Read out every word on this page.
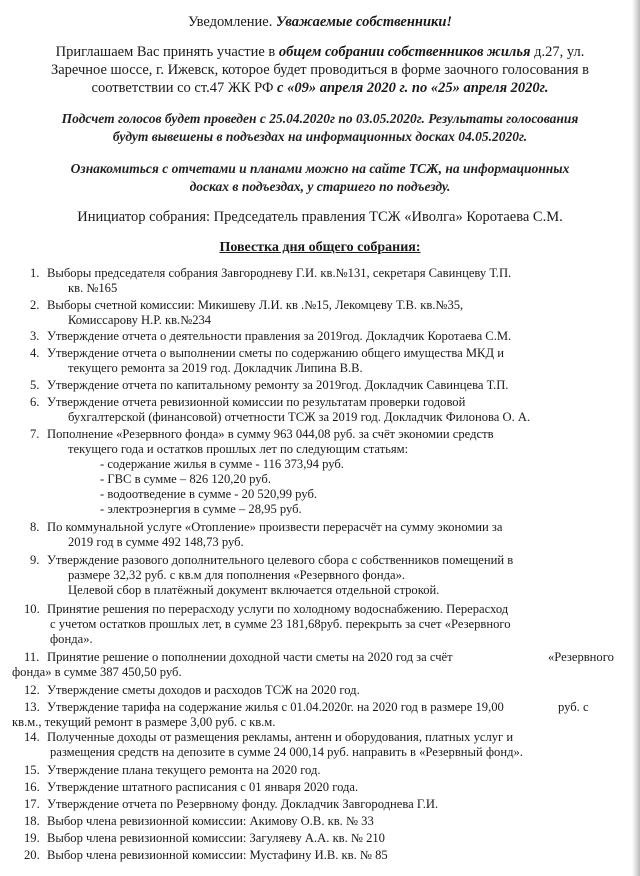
Уведомление. Уважаемые собственники!
Приглашаем Вас принять участие в общем собрании собственников жилья д.27, ул.
Заречное шоссе, г. Ижевск, которое будет проводиться в форме заочного голосования в
соответствии со ст.47 ЖК РФ с «09» апреля 2020 г. по «25» апреля 2020г.
Подсчет голосов будет проведен с 25.04.2020г по 03.05.2020г. Результаты голосования
будут вывешены в подъездах на информационных досках 04.05.2020г.
Ознакомиться с отчетами и планами можно на сайте ТСЖ, на информационных
досках в подъездах, у старшего по подъезду.
Инициатор собрания: Председатель правления ТСЖ «Иволга» Коротаева С.М.
Повестка дня общего собрания:
1. Выборы председателя собрания Завгородневу Г.И. кв.№131, секретаря Савинцеву Т.П.
кв. №165
2. Выборы счетной комиссии: Микишеву Л.И. кв .№15, Лекомцеву Т.В. кв.№35,
Комиссарову Н.Р. кв.№234
3. Утверждение отчета о деятельности правления за 2019год. Докладчик Коротаева С.М.
4. Утверждение отчета о выполнении сметы по содержанию общего имущества МКД и
текущего ремонта за 2019 год. Докладчик Липина В.В.
5. Утверждение отчета по капитальному ремонту за 2019год. Докладчик Савинцева Т.П.
6. Утверждение отчета ревизионной комиссии по результатам проверки годовой
бухгалтерской (финансовой) отчетности ТСЖ за 2019 год. Докладчик Филонова О. А.
7. Пополнение «Резервного фонда» в сумму 963 044,08 руб. за счёт экономии средств
текущего года и остатков прошлых лет по следующим статьям:
- содержание жилья в сумме - 116 373,94 руб.
- ГВС в сумме – 826 120,20 руб.
- водоотведение в сумме - 20 520,99 руб.
- электроэнергия в сумме – 28,95 руб.
8. По коммунальной услуге «Отопление» произвести перерасчёт на сумму экономии за
2019 год в сумме 492 148,73 руб.
9. Утверждение разового дополнительного целевого сбора с собственников помещений в
размере 32,32 руб. с кв.м для пополнения «Резервного фонда».
Целевой сбор в платёжный документ включается отдельной строкой.
10. Принятие решения по перерасходу услуги по холодному водоснабжению. Перерасход
с учетом остатков прошлых лет, в сумме 23 181,68руб. перекрыть за счет «Резервного
фонда».
11. Принятие решение о пополнении доходной части сметы на 2020 год за счёт
фонда» в сумме 387 450,50 руб.
«Резервного
12. Утверждение сметы доходов и расходов ТСЖ на 2020 год.
13. Утверждение тарифа на содержание жилья с 01.04.2020г. на 2020 год в размере 19,00
кв.м., текущий ремонт в размере 3,00 руб. с кв.м.
руб. с
14. Полученные доходы от размещения рекламы, антенн и оборудования, платных услуг и
размещения средств на депозите в сумме 24 000,14 руб. направить в «Резервный фонд».
15. Утверждение плана текущего ремонта на 2020 год.
16. Утверждение штатного расписания с 01 января 2020 года.
17. Утверждение отчета по Резервному фонду. Докладчик Завгороднева Г.И.
18. Выбор члена ревизионной комиссии: Акимову О.В. кв. № 33
19. Выбор члена ревизионной комиссии: Загуляеву А.А. кв. № 210
20. Выбор члена ревизионной комиссии: Мустафину И.В. кв. № 85
